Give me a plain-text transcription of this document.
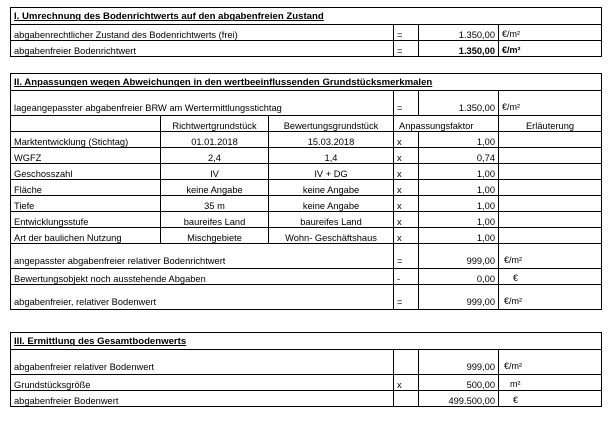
I. Umrechnung des Bodenrichtwerts auf den abgabenfreien Zustand			
abgabenrechtlicher Zustand des Bodenrichtwerts (frei)	=	1.350,00	€/m²
abgabenfreier Bodenrichtwert	=	1.350,00	€/m²
II. Anpassungen wegen Abweichungen in den wertbeeinflussenden Grundstücksmerkmalen					
lageangepasster abgabenfreier BRW am Wertermittlungsstichtag			=	1.350,00	€/m²
	Richtwertgrundstück	Bewertungsgrundstück	Anpassungsfaktor		Erläuterung
Marktentwicklung (Stichtag)	01.01.2018	15.03.2018	x	1,00	
WGFZ	2,4	1,4	x	0,74	
Geschosszahl	IV	IV + DG	x	1,00	
Fläche	keine Angabe	keine Angabe	x	1,00	
Tiefe	35 m	keine Angabe	x	1,00	
Entwicklungsstufe	baureifes Land	baureifes Land	x	1,00	
Art der baulichen Nutzung	Mischgebiete	Wohn- Geschäftshaus	x	1,00	
angepasster abgabenfreier relativer Bodenrichtwert			=	999,00	€/m²
Bewertungsobjekt noch ausstehende Abgaben			-	0,00	€
abgabenfreier, relativer Bodenwert			=	999,00	€/m²
III. Ermittlung des Gesamtbodenwerts			
abgabenfreier relativer Bodenwert		999,00	€/m²
Grundstücksgröße	x	500,00	m²
abgabenfreier Bodenwert		499.500,00	€
